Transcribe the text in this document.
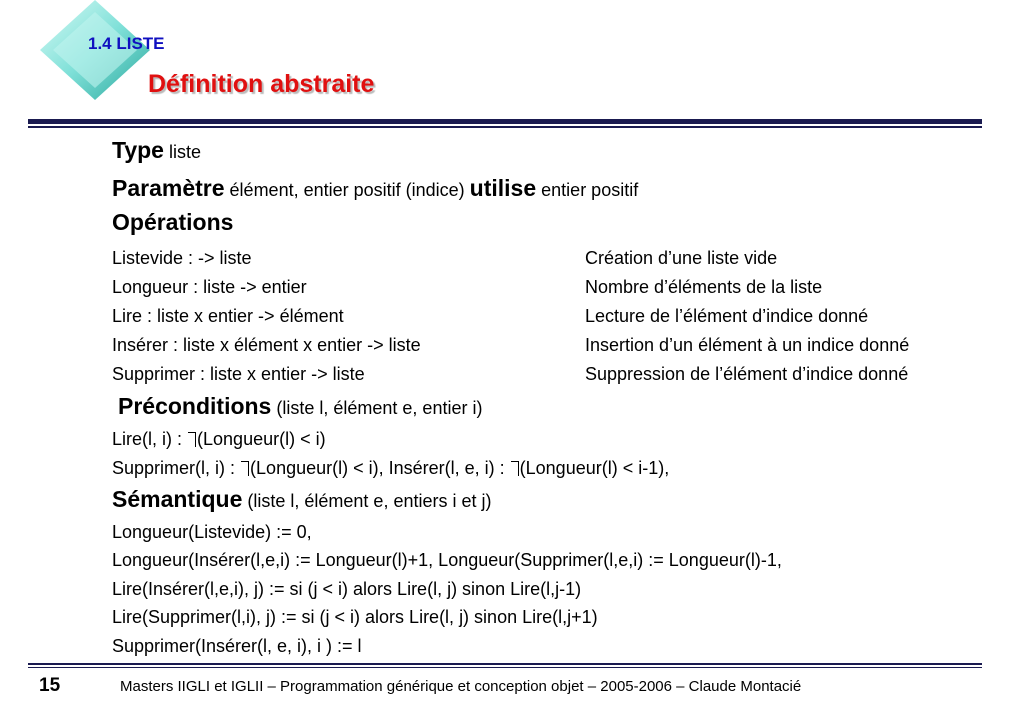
1.4 LISTE
Définition abstraite
Type liste
Paramètre élément, entier positif (indice) utilise entier positif
Opérations
Listevide : -> liste	Création d’une liste vide
Longueur : liste -> entier	Nombre d’éléments de la liste
Lire : liste x entier -> élément	Lecture de l’élément d’indice donné
Insérer : liste x élément x entier -> liste	Insertion d’un élément à un indice donné
Supprimer : liste x entier -> liste	Suppression de l’élément d’indice donné
Préconditions (liste l, élément e, entier i)
Lire(l, i) : (Longueur(l) < i)
Supprimer(l, i) : (Longueur(l) < i), Insérer(l, e, i) : (Longueur(l) < i-1),
Sémantique (liste l, élément e, entiers i et j)
Longueur(Listevide) := 0,
Longueur(Insérer(l,e,i) := Longueur(l)+1, Longueur(Supprimer(l,e,i) := Longueur(l)-1,
Lire(Insérer(l,e,i), j) := si (j < i) alors Lire(l, j) sinon Lire(l,j-1)
Lire(Supprimer(l,i), j) := si (j < i) alors Lire(l, j) sinon Lire(l,j+1)
Supprimer(Insérer(l, e, i), i ) := l
15	Masters IIGLI et IGLII – Programmation générique et conception objet – 2005-2006 – Claude Montacié
